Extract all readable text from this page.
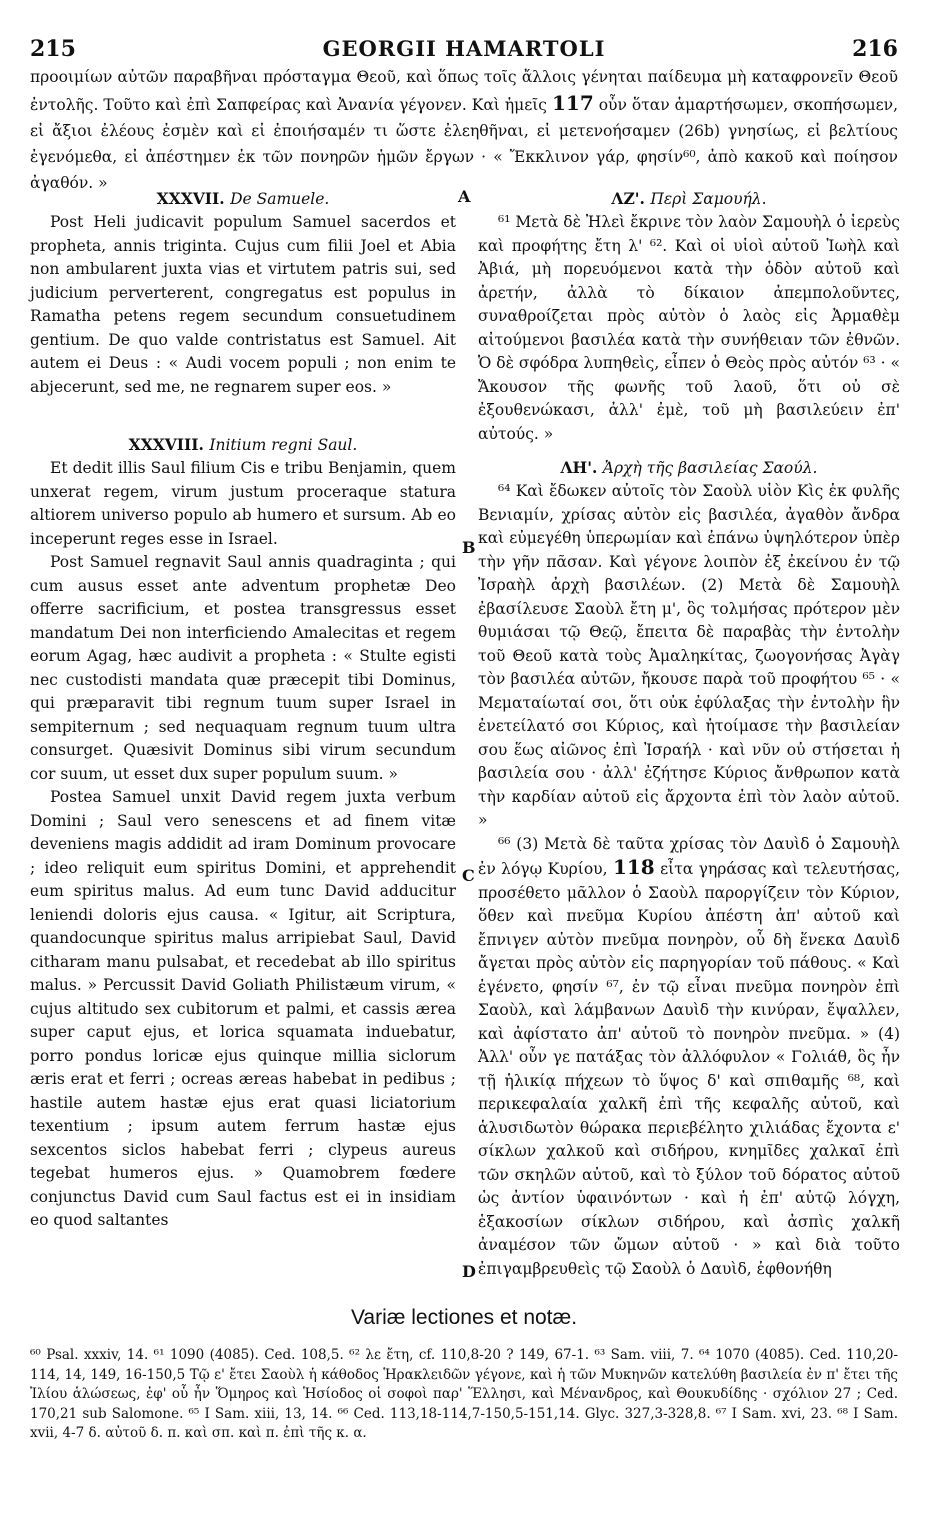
215	GEORGII HAMARTOLI	216

προοιμίων αὐτῶν παραβῆναι πρόσταγμα Θεοῦ, καὶ ὅπως τοῖς ἄλλοις γένηται παίδευμα μὴ καταφρονεῖν Θεοῦ ἐντολῆς. Τοῦτο καὶ ἐπὶ Σαπφείρας καὶ Ἀνανία γέγονεν. Καὶ ἡμεῖς 117 οὖν ὅταν ἁμαρτήσωμεν, σκοπήσωμεν, εἰ ἄξιοι ἐλέους ἐσμὲν καὶ εἰ ἐποιήσαμέν τι ὥστε ἐλεηθῆναι, εἰ μετενοήσαμεν (26b) γνησίως, εἰ βελτίους ἐγενόμεθα, εἰ ἀπέστημεν ἐκ τῶν πονηρῶν ἡμῶν ἔργων · « Ἔκκλινον γάρ, φησίν⁶⁰, ἀπὸ κακοῦ καὶ ποίησον ἀγαθόν. »

A
B
C
D
XXXVII. De Samuele.

Post Heli judicavit populum Samuel sacerdos et propheta, annis triginta. Cujus cum filii Joel et Abia non ambularent juxta vias et virtutem patris sui, sed judicium perverterent, congregatus est populus in Ramatha petens regem secundum consuetudinem gentium. De quo valde contristatus est Samuel. Ait autem ei Deus : « Audi vocem populi ; non enim te abjecerunt, sed me, ne regnarem super eos. »

XXXVIII. Initium regni Saul.

Et dedit illis Saul filium Cis e tribu Benjamin, quem unxerat regem, virum justum proceraque statura altiorem universo populo ab humero et sursum. Ab eo inceperunt reges esse in Israel.

Post Samuel regnavit Saul annis quadraginta ; qui cum ausus esset ante adventum prophetæ Deo offerre sacrificium, et postea transgressus esset mandatum Dei non interficiendo Amalecitas et regem eorum Agag, hæc audivit a propheta : « Stulte egisti nec custodisti mandata quæ præcepit tibi Dominus, qui præparavit tibi regnum tuum super Israel in sempiternum ; sed nequaquam regnum tuum ultra consurget. Quæsivit Dominus sibi virum secundum cor suum, ut esset dux super populum suum. »

Postea Samuel unxit David regem juxta verbum Domini ; Saul vero senescens et ad finem vitæ deveniens magis addidit ad iram Dominum provocare ; ideo reliquit eum spiritus Domini, et apprehendit eum spiritus malus. Ad eum tunc David adducitur leniendi doloris ejus causa. « Igitur, ait Scriptura, quandocunque spiritus malus arripiebat Saul, David citharam manu pulsabat, et recedebat ab illo spiritus malus. » Percussit David Goliath Philistæum virum, « cujus altitudo sex cubitorum et palmi, et cassis ærea super caput ejus, et lorica squamata induebatur, porro pondus loricæ ejus quinque millia siclorum æris erat et ferri ; ocreas æreas habebat in pedibus ; hastile autem hastæ ejus erat quasi liciatorium texentium ; ipsum autem ferrum hastæ ejus sexcentos siclos habebat ferri ; clypeus aureus tegebat humeros ejus. » Quamobrem fœdere conjunctus David cum Saul factus est ei in insidiam eo quod saltantes

ΛΖ'. Περὶ Σαμουήλ.

⁶¹ Μετὰ δὲ Ἠλεὶ ἔκρινε τὸν λαὸν Σαμουὴλ ὁ ἱερεὺς καὶ προφήτης ἔτη λ' ⁶². Καὶ οἱ υἱοὶ αὐτοῦ Ἰωὴλ καὶ Ἀβιά, μὴ πορευόμενοι κατὰ τὴν ὁδὸν αὐτοῦ καὶ ἀρετήν, ἀλλὰ τὸ δίκαιον ἀπεμπολοῦντες, συναθροίζεται πρὸς αὐτὸν ὁ λαὸς εἰς Ἀρμαθὲμ αἰτούμενοι βασιλέα κατὰ τὴν συνήθειαν τῶν ἐθνῶν. Ὁ δὲ σφόδρα λυπηθεὶς, εἶπεν ὁ Θεὸς πρὸς αὐτόν ⁶³ · « Ἄκουσον τῆς φωνῆς τοῦ λαοῦ, ὅτι οὐ σὲ ἐξουθενώκασι, ἀλλ' ἐμὲ, τοῦ μὴ βασιλεύειν ἐπ' αὐτούς. »

ΛΗ'. Ἀρχὴ τῆς βασιλείας Σαούλ.

⁶⁴ Καὶ ἔδωκεν αὐτοῖς τὸν Σαοὺλ υἱὸν Κὶς ἐκ φυλῆς Βενιαμίν, χρίσας αὐτὸν εἰς βασιλέα, ἀγαθὸν ἄνδρα καὶ εὐμεγέθη ὑπερωμίαν καὶ ἐπάνω ὑψηλότερον ὑπὲρ τὴν γῆν πᾶσαν. Καὶ γέγονε λοιπὸν ἐξ ἐκείνου ἐν τῷ Ἰσραὴλ ἀρχὴ βασιλέων. (2) Μετὰ δὲ Σαμουὴλ ἐβασίλευσε Σαοὺλ ἔτη μ', ὃς τολμήσας πρότερον μὲν θυμιάσαι τῷ Θεῷ, ἔπειτα δὲ παραβὰς τὴν ἐντολὴν τοῦ Θεοῦ κατὰ τοὺς Ἀμαληκίτας, ζωογονήσας Ἀγὰγ τὸν βασιλέα αὐτῶν, ἤκουσε παρὰ τοῦ προφήτου ⁶⁵ · « Μεματαίωταί σοι, ὅτι οὐκ ἐφύλαξας τὴν ἐντολὴν ἣν ἐνετείλατό σοι Κύριος, καὶ ἡτοίμασε τὴν βασιλείαν σου ἕως αἰῶνος ἐπὶ Ἰσραήλ · καὶ νῦν οὐ στήσεται ἡ βασιλεία σου · ἀλλ' ἐζήτησε Κύριος ἄνθρωπον κατὰ τὴν καρδίαν αὐτοῦ εἰς ἄρχοντα ἐπὶ τὸν λαὸν αὐτοῦ. »

⁶⁶ (3) Μετὰ δὲ ταῦτα χρίσας τὸν Δαυὶδ ὁ Σαμουὴλ ἐν λόγῳ Κυρίου, 118 εἶτα γηράσας καὶ τελευτήσας, προσέθετο μᾶλλον ὁ Σαοὺλ παροργίζειν τὸν Κύριον, ὅθεν καὶ πνεῦμα Κυρίου ἀπέστη ἀπ' αὐτοῦ καὶ ἔπνιγεν αὐτὸν πνεῦμα πονηρὸν, οὗ δὴ ἕνεκα Δαυὶδ ἄγεται πρὸς αὐτὸν εἰς παρηγορίαν τοῦ πάθους. « Καὶ ἐγένετο, φησίν ⁶⁷, ἐν τῷ εἶναι πνεῦμα πονηρὸν ἐπὶ Σαοὺλ, καὶ λάμβανων Δαυὶδ τὴν κινύραν, ἔψαλλεν, καὶ ἀφίστατο ἀπ' αὐτοῦ τὸ πονηρὸν πνεῦμα. » (4) Ἀλλ' οὖν γε πατάξας τὸν ἀλλόφυλον « Γολιάθ, ὃς ἦν τῇ ἡλικίᾳ πήχεων τὸ ὕψος δ' καὶ σπιθαμῆς ⁶⁸, καὶ περικεφαλαία χαλκῆ ἐπὶ τῆς κεφαλῆς αὐτοῦ, καὶ ἁλυσιδωτὸν θώρακα περιεβέλητο χιλιάδας ἔχοντα ε' σίκλων χαλκοῦ καὶ σιδήρου, κνημῖδες χαλκαῖ ἐπὶ τῶν σκηλῶν αὐτοῦ, καὶ τὸ ξύλον τοῦ δόρατος αὐτοῦ ὡς ἀντίον ὑφαινόντων · καὶ ἡ ἐπ' αὐτῷ λόγχη, ἑξακοσίων σίκλων σιδήρου, καὶ ἀσπὶς χαλκῆ ἀναμέσον τῶν ὤμων αὐτοῦ · » καὶ διὰ τοῦτο ἐπιγαμβρευθεὶς τῷ Σαοὺλ ὁ Δαυὶδ, ἐφθονήθη

Variæ lectiones et notæ.

⁶⁰ Psal. xxxiv, 14. ⁶¹ 1090 (4085). Ced. 108,5. ⁶² λε ἔτη, cf. 110,8-20 ? 149, 67-1. ⁶³ Sam. viii, 7. ⁶⁴ 1070 (4085). Ced. 110,20-114, 14, 149, 16-150,5 Τῷ ε' ἔτει Σαοὺλ ἡ κάθοδος Ἡρακλειδῶν γέγονε, καὶ ἡ τῶν Μυκηνῶν κατελύθη βασιλεία ἐν π' ἔτει τῆς Ἰλίου ἁλώσεως, ἐφ' οὗ ἦν Ὅμηρος καὶ Ἡσίοδος οἱ σοφοὶ παρ' Ἕλλησι, καὶ Μένανδρος, καὶ Θουκυδίδης · σχόλιον 27 ; Ced. 170,21 sub Salomone. ⁶⁵ I Sam. xiii, 13, 14. ⁶⁶ Ced. 113,18-114,7-150,5-151,14. Glyc. 327,3-328,8. ⁶⁷ I Sam. xvi, 23. ⁶⁸ I Sam. xvii, 4-7 δ. αὐτοῦ δ. π. καὶ σπ. καὶ π. ἐπὶ τῆς κ. α.
